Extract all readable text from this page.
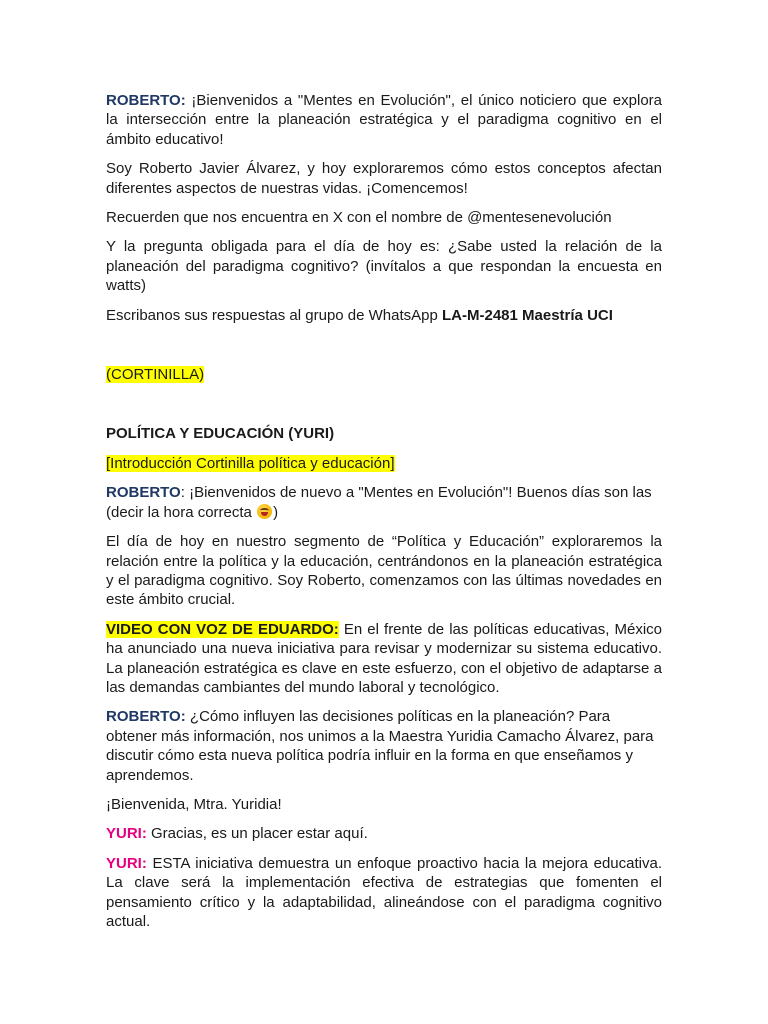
ROBERTO: ¡Bienvenidos a "Mentes en Evolución", el único noticiero que explora la intersección entre la planeación estratégica y el paradigma cognitivo en el ámbito educativo!

Soy Roberto Javier Álvarez, y hoy exploraremos cómo estos conceptos afectan diferentes aspectos de nuestras vidas. ¡Comencemos!

Recuerden que nos encuentra en X con el nombre de @mentesenevolución

Y la pregunta obligada para el día de hoy es: ¿Sabe usted la relación de la planeación del paradigma cognitivo? (invítalos a que respondan la encuesta en watts)

Escribanos sus respuestas al grupo de WhatsApp LA-M-2481 Maestría UCI

(CORTINILLA)

POLÍTICA Y EDUCACIÓN (YURI)

[Introducción Cortinilla política y educación]

ROBERTO: ¡Bienvenidos de nuevo a "Mentes en Evolución"! Buenos días son las (decir la hora correcta )

El día de hoy en nuestro segmento de “Política y Educación” exploraremos la relación entre la política y la educación, centrándonos en la planeación estratégica y el paradigma cognitivo. Soy Roberto, comenzamos con las últimas novedades en este ámbito crucial.

VIDEO CON VOZ DE EDUARDO: En el frente de las políticas educativas, México ha anunciado una nueva iniciativa para revisar y modernizar su sistema educativo. La planeación estratégica es clave en este esfuerzo, con el objetivo de adaptarse a las demandas cambiantes del mundo laboral y tecnológico.

ROBERTO: ¿Cómo influyen las decisiones políticas en la planeación? Para obtener más información, nos unimos a la Maestra Yuridia Camacho Álvarez, para discutir cómo esta nueva política podría influir en la forma en que enseñamos y aprendemos.

¡Bienvenida, Mtra. Yuridia!

YURI: Gracias, es un placer estar aquí.

YURI: ESTA iniciativa demuestra un enfoque proactivo hacia la mejora educativa. La clave será la implementación efectiva de estrategias que fomenten el pensamiento crítico y la adaptabilidad, alineándose con el paradigma cognitivo actual.
